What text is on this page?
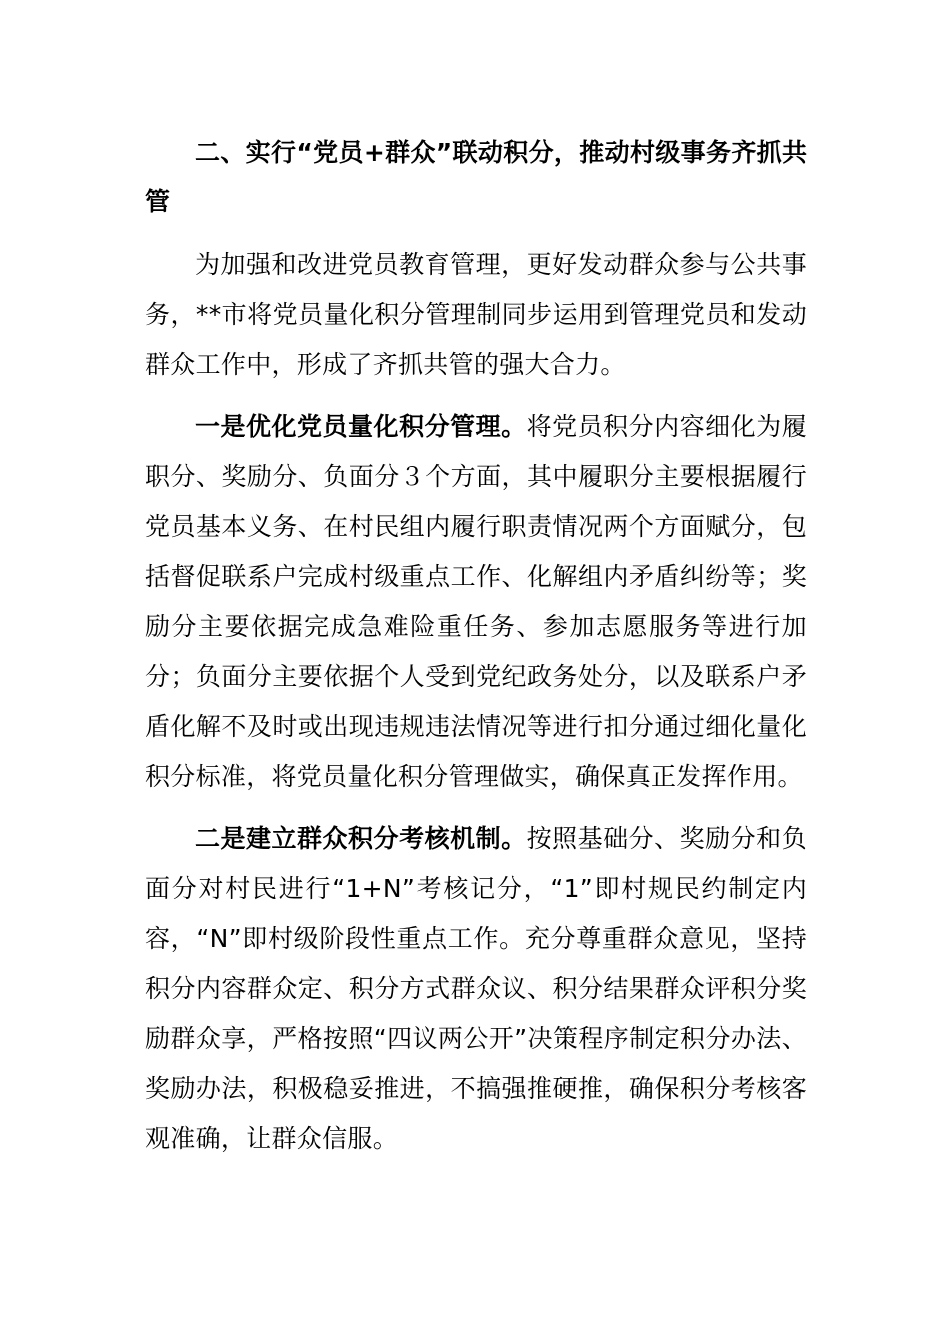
二、实行“党员+群众”联动积分，推动村级事务齐抓共管

为加强和改进党员教育管理，更好发动群众参与公共事务，**市将党员量化积分管理制同步运用到管理党员和发动群众工作中，形成了齐抓共管的强大合力。

一是优化党员量化积分管理。将党员积分内容细化为履职分、奖励分、负面分３个方面，其中履职分主要根据履行党员基本义务、在村民组内履行职责情况两个方面赋分，包括督促联系户完成村级重点工作、化解组内矛盾纠纷等；奖励分主要依据完成急难险重任务、参加志愿服务等进行加分；负面分主要依据个人受到党纪政务处分，以及联系户矛盾化解不及时或出现违规违法情况等进行扣分通过细化量化积分标准，将党员量化积分管理做实，确保真正发挥作用。

二是建立群众积分考核机制。按照基础分、奖励分和负面分对村民进行“1+N”考核记分，“1”即村规民约制定内容，“N”即村级阶段性重点工作。充分尊重群众意见，坚持积分内容群众定、积分方式群众议、积分结果群众评积分奖励群众享，严格按照“四议两公开”决策程序制定积分办法、奖励办法，积极稳妥推进，不搞强推硬推，确保积分考核客观准确，让群众信服。
